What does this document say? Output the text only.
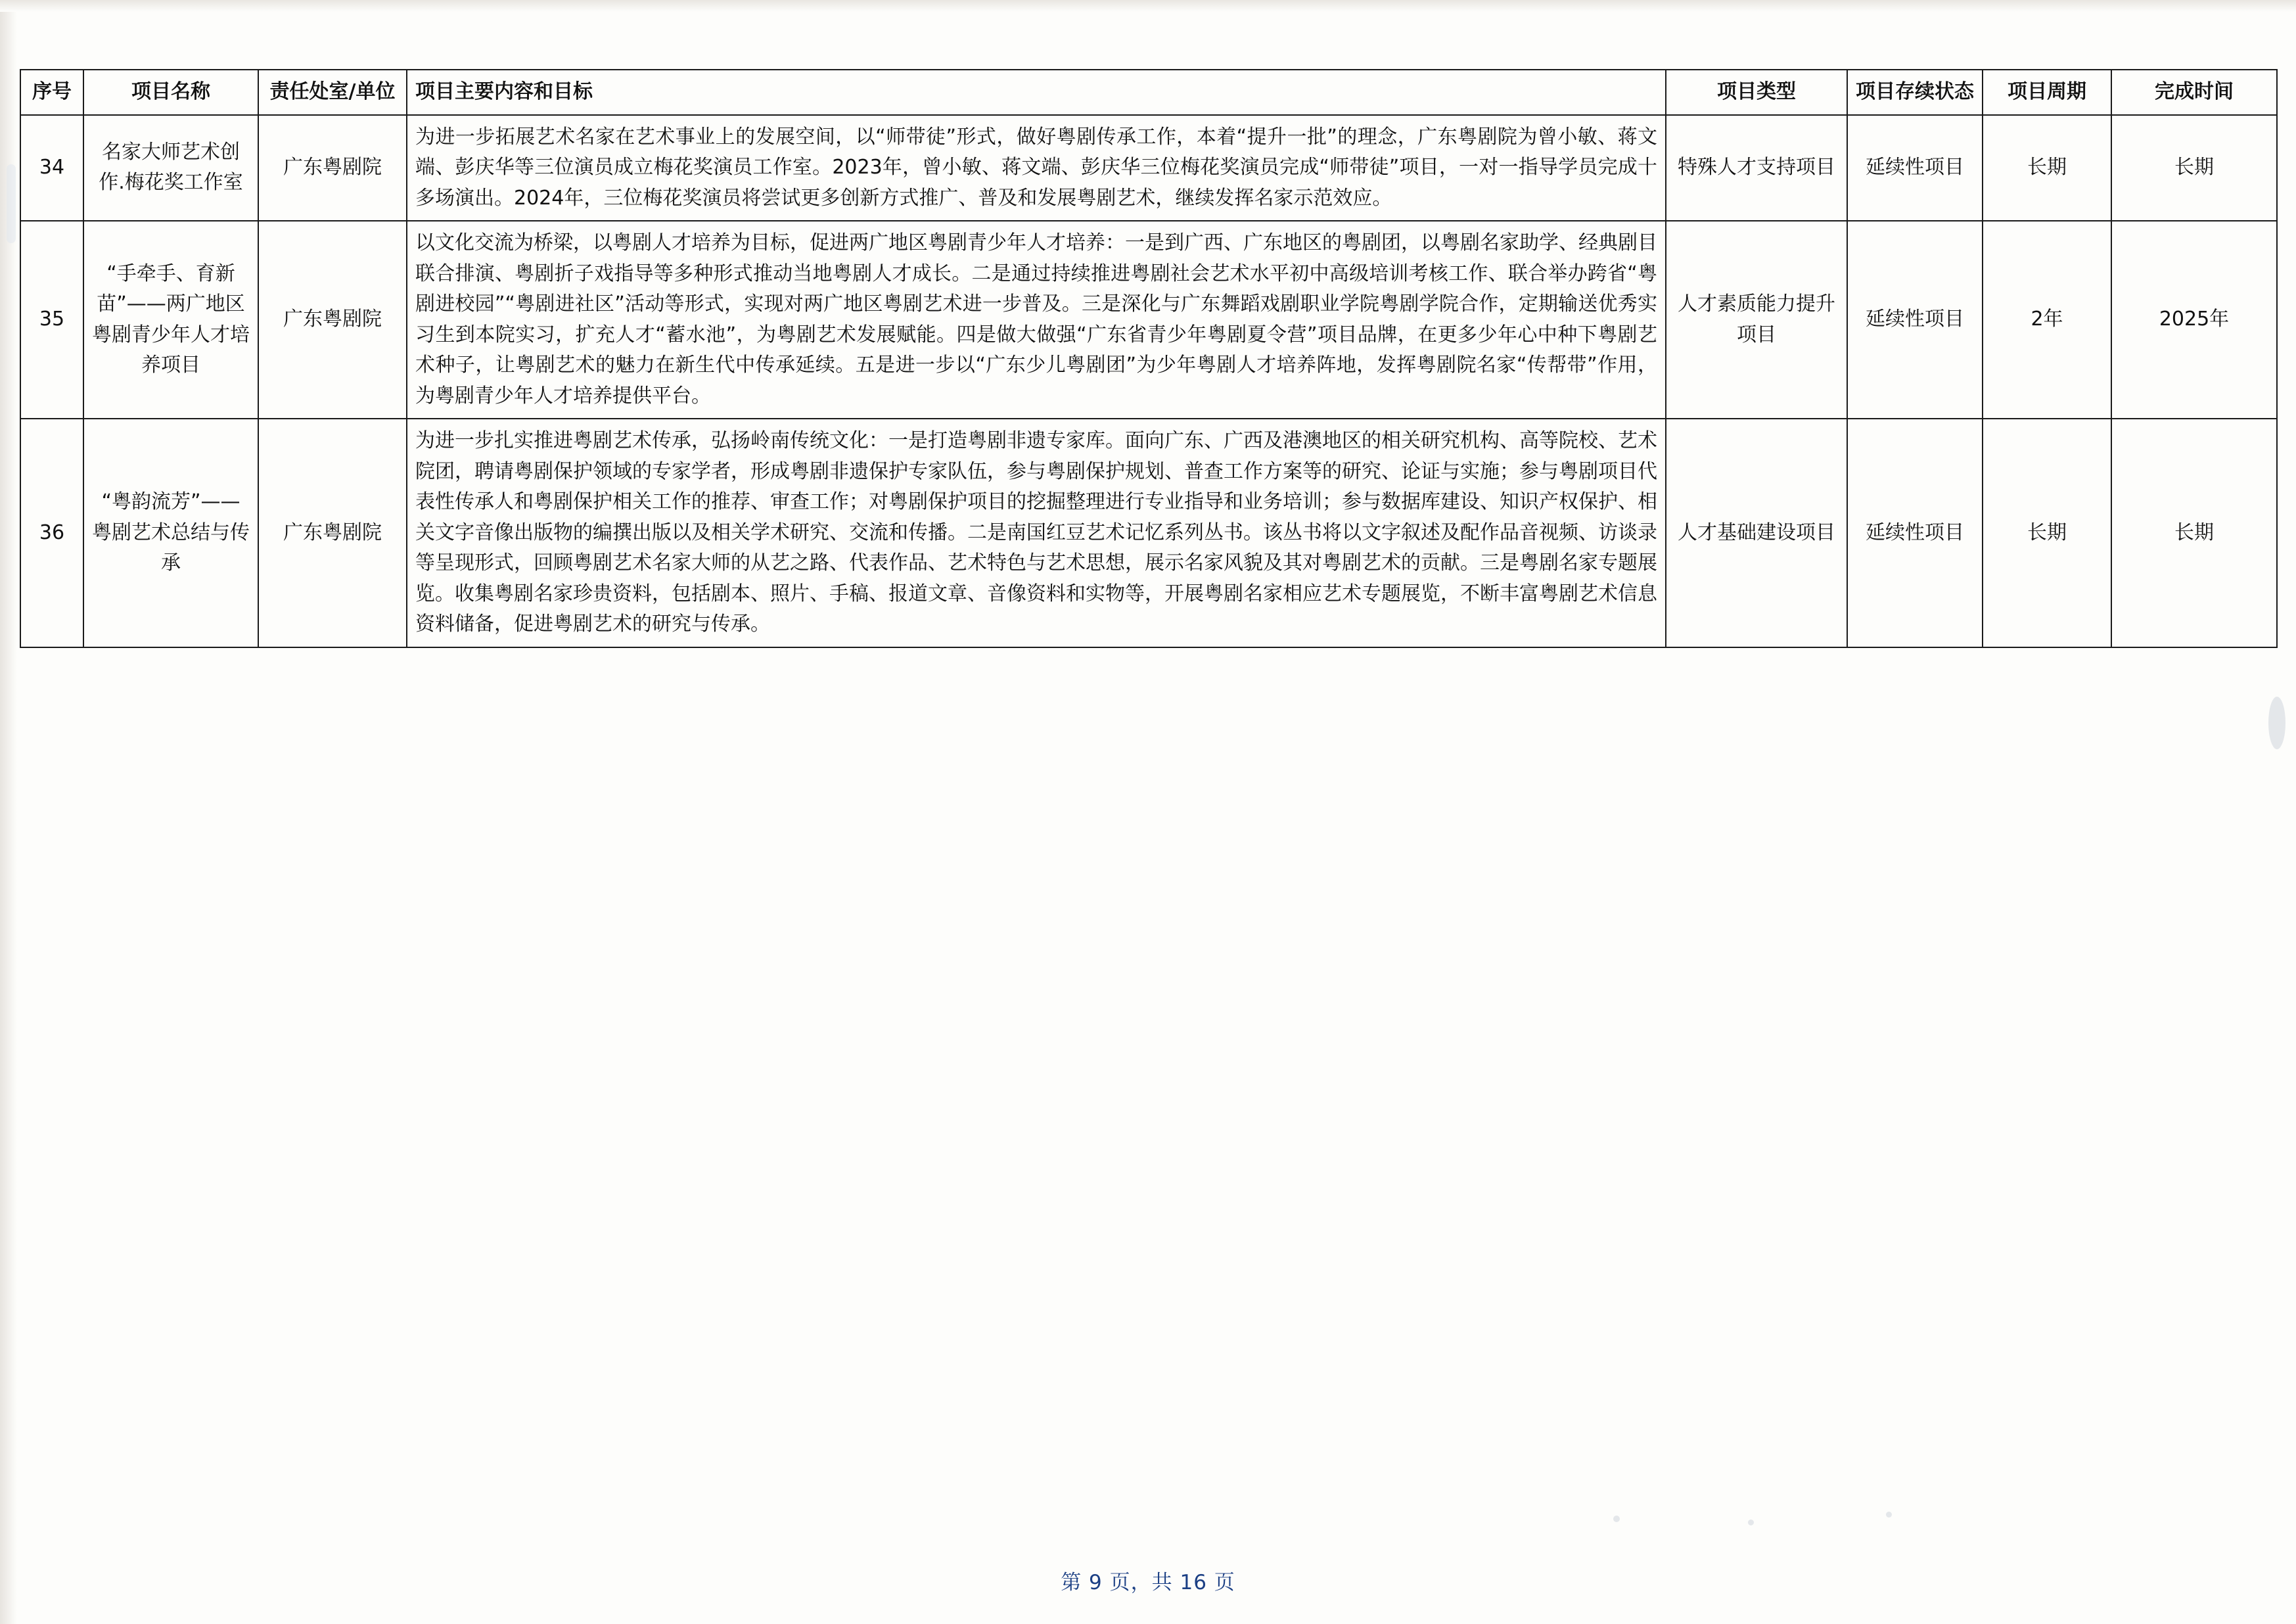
序号	项目名称	责任处室/单位	项目主要内容和目标	项目类型	项目存续状态	项目周期	完成时间
34	名家大师艺术创作.梅花奖工作室	广东粤剧院	为进一步拓展艺术名家在艺术事业上的发展空间，以“师带徒”形式，做好粤剧传承工作，本着“提升一批”的理念，广东粤剧院为曾小敏、蒋文端、彭庆华等三位演员成立梅花奖演员工作室。2023年，曾小敏、蒋文端、彭庆华三位梅花奖演员完成“师带徒”项目，一对一指导学员完成十多场演出。2024年，三位梅花奖演员将尝试更多创新方式推广、普及和发展粤剧艺术，继续发挥名家示范效应。	特殊人才支持项目	延续性项目	长期	长期
35	“手牵手、育新苗”——两广地区粤剧青少年人才培养项目	广东粤剧院	以文化交流为桥梁，以粤剧人才培养为目标，促进两广地区粤剧青少年人才培养：一是到广西、广东地区的粤剧团，以粤剧名家助学、经典剧目联合排演、粤剧折子戏指导等多种形式推动当地粤剧人才成长。二是通过持续推进粤剧社会艺术水平初中高级培训考核工作、联合举办跨省“粤剧进校园”“粤剧进社区”活动等形式，实现对两广地区粤剧艺术进一步普及。三是深化与广东舞蹈戏剧职业学院粤剧学院合作，定期输送优秀实习生到本院实习，扩充人才“蓄水池”，为粤剧艺术发展赋能。四是做大做强“广东省青少年粤剧夏令营”项目品牌，在更多少年心中种下粤剧艺术种子，让粤剧艺术的魅力在新生代中传承延续。五是进一步以“广东少儿粤剧团”为少年粤剧人才培养阵地，发挥粤剧院名家“传帮带”作用，为粤剧青少年人才培养提供平台。	人才素质能力提升项目	延续性项目	2年	2025年
36	“粤韵流芳”——粤剧艺术总结与传承	广东粤剧院	为进一步扎实推进粤剧艺术传承，弘扬岭南传统文化：一是打造粤剧非遗专家库。面向广东、广西及港澳地区的相关研究机构、高等院校、艺术院团，聘请粤剧保护领域的专家学者，形成粤剧非遗保护专家队伍，参与粤剧保护规划、普查工作方案等的研究、论证与实施；参与粤剧项目代表性传承人和粤剧保护相关工作的推荐、审查工作；对粤剧保护项目的挖掘整理进行专业指导和业务培训；参与数据库建设、知识产权保护、相关文字音像出版物的编撰出版以及相关学术研究、交流和传播。二是南国红豆艺术记忆系列丛书。该丛书将以文字叙述及配作品音视频、访谈录等呈现形式，回顾粤剧艺术名家大师的从艺之路、代表作品、艺术特色与艺术思想，展示名家风貌及其对粤剧艺术的贡献。三是粤剧名家专题展览。收集粤剧名家珍贵资料，包括剧本、照片、手稿、报道文章、音像资料和实物等，开展粤剧名家相应艺术专题展览，不断丰富粤剧艺术信息资料储备，促进粤剧艺术的研究与传承。	人才基础建设项目	延续性项目	长期	长期
第 9 页，共 16 页
